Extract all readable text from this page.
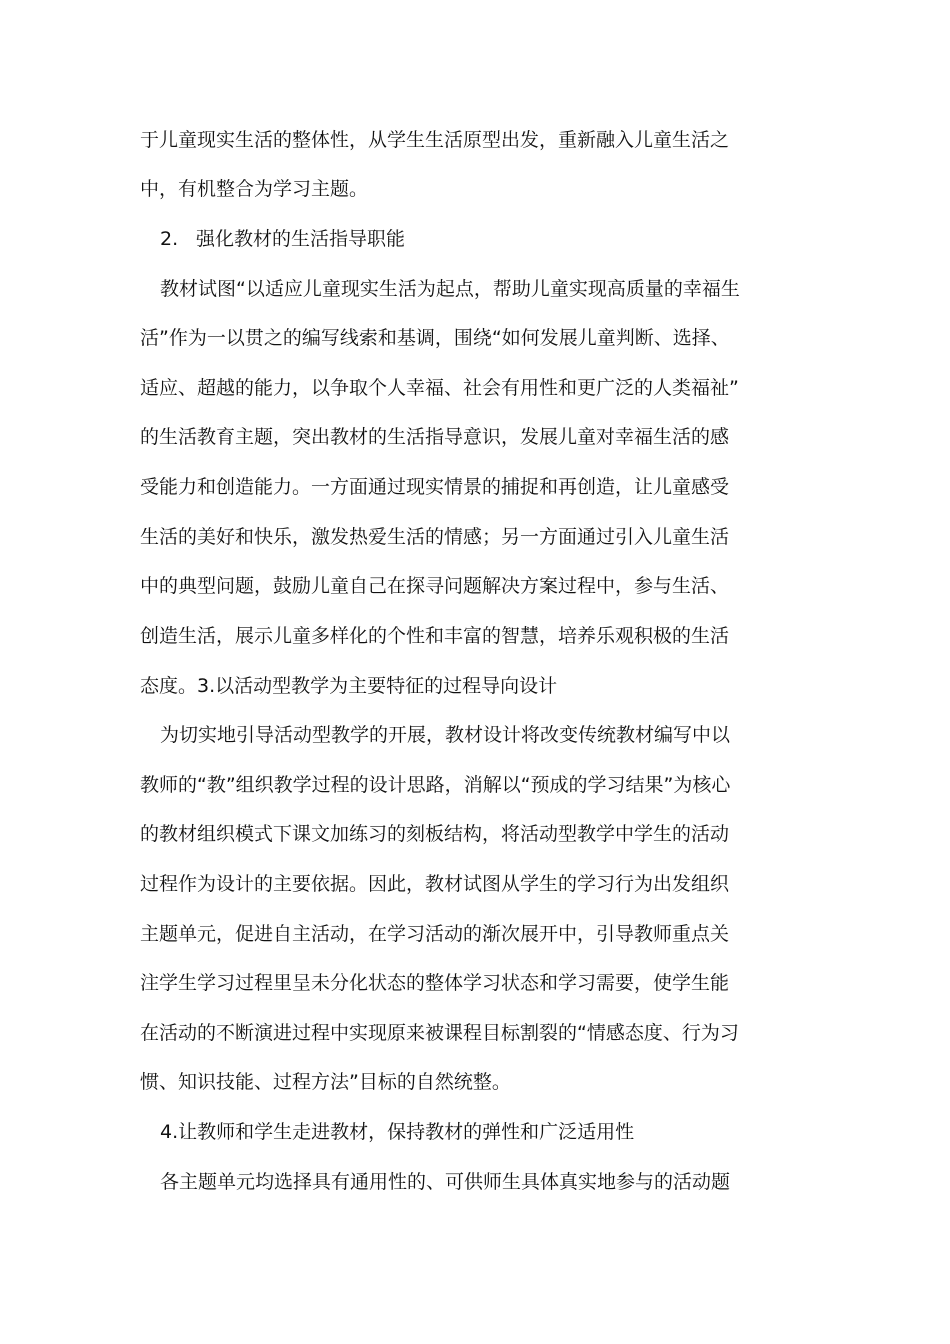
于儿童现实生活的整体性，从学生生活原型出发，重新融入儿童生活之
中，有机整合为学习主题。
2. 强化教材的生活指导职能
教材试图“以适应儿童现实生活为起点，帮助儿童实现高质量的幸福生
活”作为一以贯之的编写线索和基调，围绕“如何发展儿童判断、选择、
适应、超越的能力，以争取个人幸福、社会有用性和更广泛的人类福祉”
的生活教育主题，突出教材的生活指导意识，发展儿童对幸福生活的感
受能力和创造能力。一方面通过现实情景的捕捉和再创造，让儿童感受
生活的美好和快乐，激发热爱生活的情感；另一方面通过引入儿童生活
中的典型问题，鼓励儿童自己在探寻问题解决方案过程中，参与生活、
创造生活，展示儿童多样化的个性和丰富的智慧，培养乐观积极的生活
态度。3.以活动型教学为主要特征的过程导向设计
为切实地引导活动型教学的开展，教材设计将改变传统教材编写中以
教师的“教”组织教学过程的设计思路，消解以“预成的学习结果”为核心
的教材组织模式下课文加练习的刻板结构，将活动型教学中学生的活动
过程作为设计的主要依据。因此，教材试图从学生的学习行为出发组织
主题单元，促进自主活动，在学习活动的渐次展开中，引导教师重点关
注学生学习过程里呈未分化状态的整体学习状态和学习需要，使学生能
在活动的不断演进过程中实现原来被课程目标割裂的“情感态度、行为习
惯、知识技能、过程方法”目标的自然统整。
4.让教师和学生走进教材，保持教材的弹性和广泛适用性
各主题单元均选择具有通用性的、可供师生具体真实地参与的活动题
